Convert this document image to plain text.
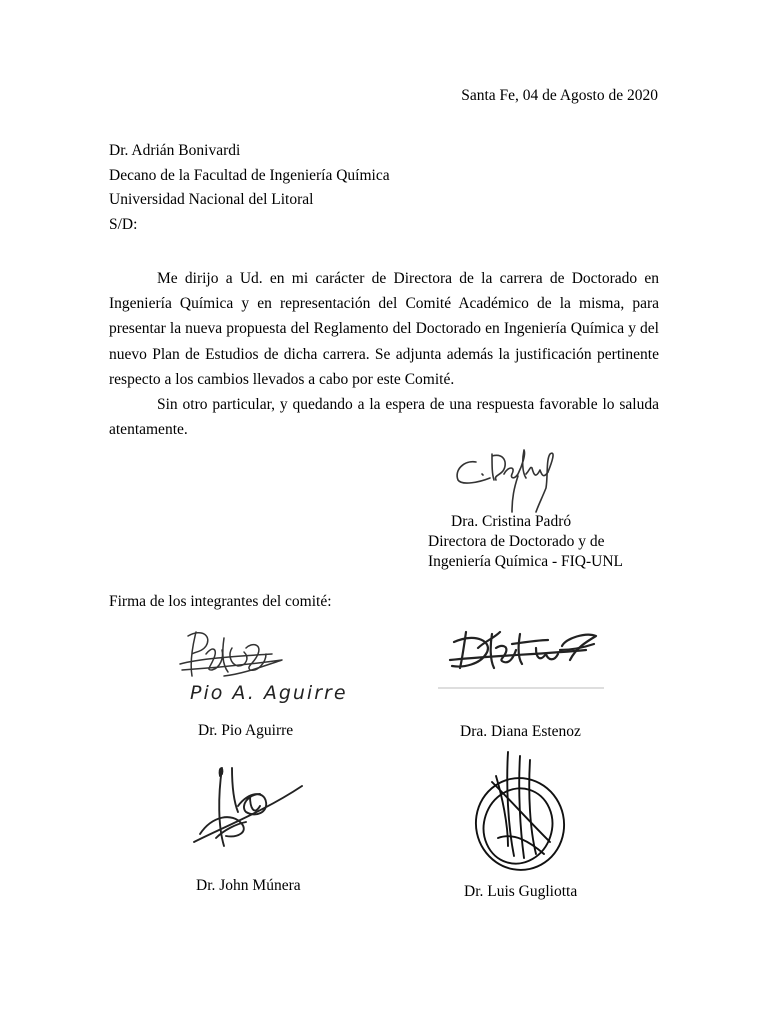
Santa Fe, 04 de Agosto de 2020
Dr. Adrián Bonivardi
Decano de la Facultad de Ingeniería Química
Universidad Nacional del Litoral
S/D:

Me dirijo a Ud. en mi carácter de Directora de la carrera de Doctorado en Ingeniería Química y en representación del Comité Académico de la misma, para presentar la nueva propuesta del Reglamento del Doctorado en Ingeniería Química y del nuevo Plan de Estudios de dicha carrera. Se adjunta además la justificación pertinente respecto a los cambios llevados a cabo por este Comité.

Sin otro particular, y quedando a la espera de una respuesta favorable lo saluda atentamente.

Dra. Cristina Padró
Directora de Doctorado y de
Ingeniería Química - FIQ-UNL
Firma de los integrantes del comité:
Pio A. Aguirre
Dr. Pio Aguirre	Dra. Diana Estenoz
Dr. John Múnera	Dr. Luis Gugliotta
